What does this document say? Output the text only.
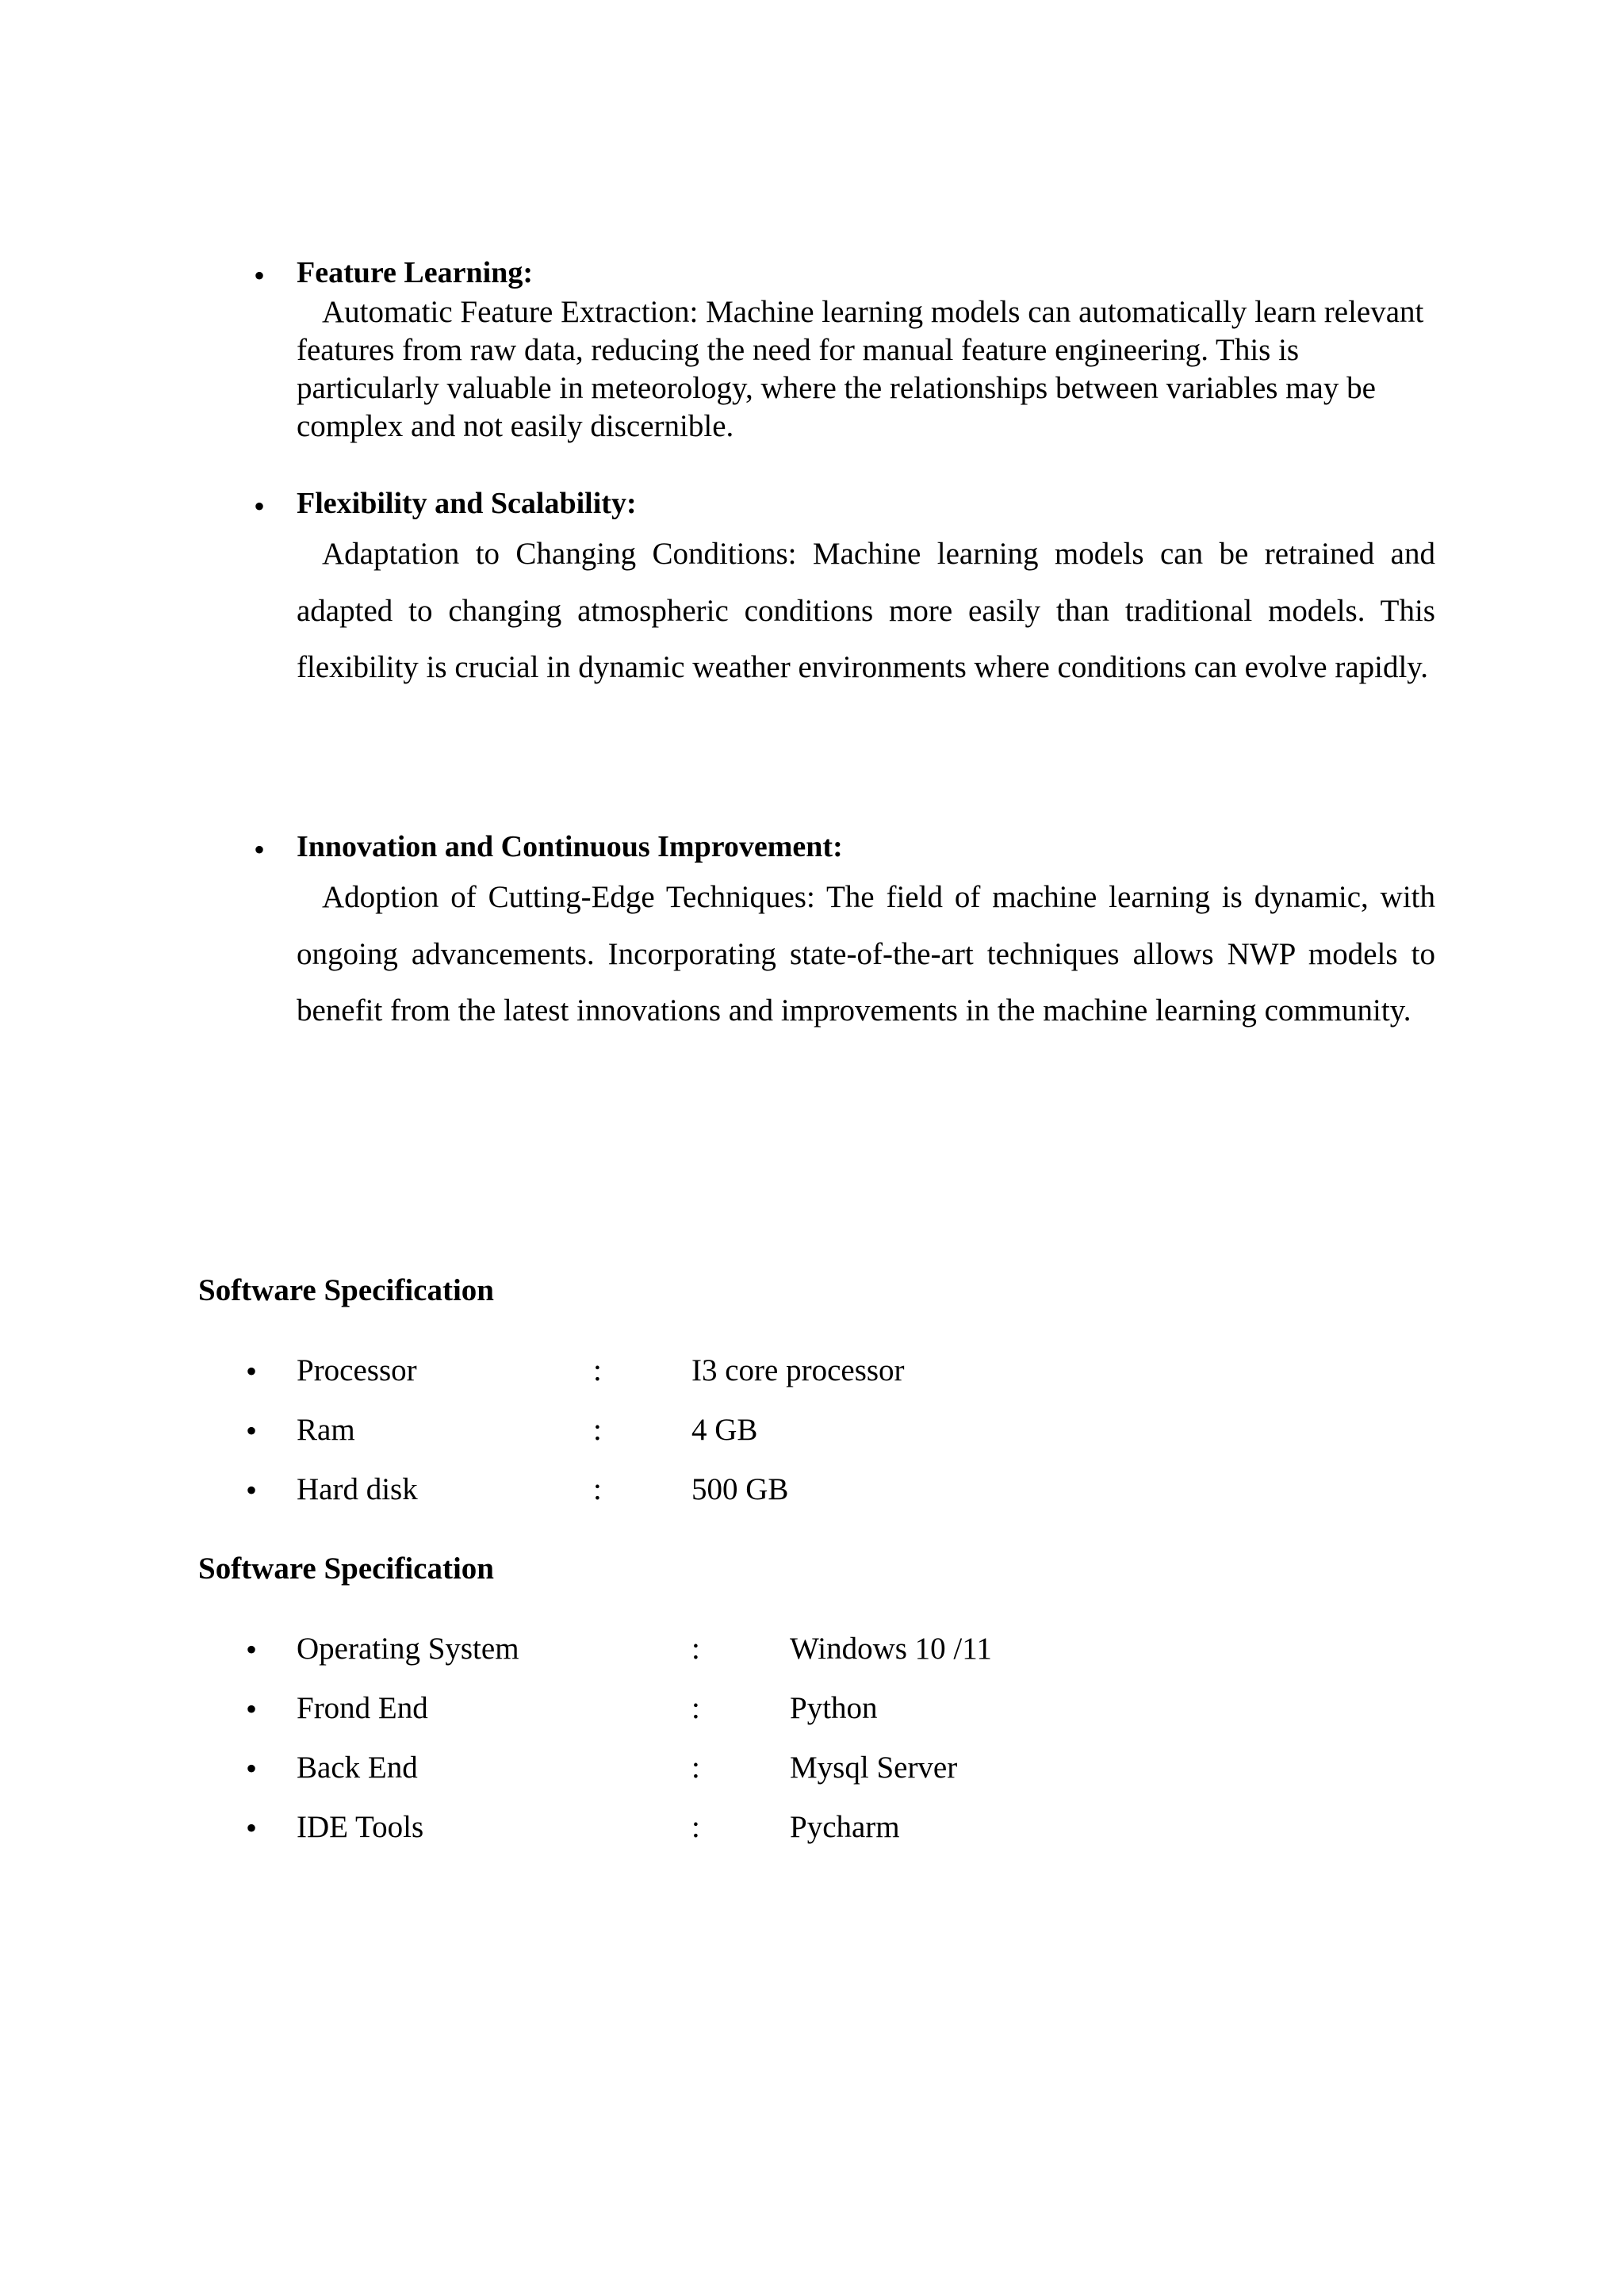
•	Feature Learning:
Automatic Feature Extraction: Machine learning models can automatically learn relevant features from raw data, reducing the need for manual feature engineering. This is particularly valuable in meteorology, where the relationships between variables may be complex and not easily discernible.
•	Flexibility and Scalability:
Adaptation to Changing Conditions: Machine learning models can be retrained and adapted to changing atmospheric conditions more easily than traditional models. This flexibility is crucial in dynamic weather environments where conditions can evolve rapidly.
•	Innovation and Continuous Improvement:
Adoption of Cutting-Edge Techniques: The field of machine learning is dynamic, with ongoing advancements. Incorporating state-of-the-art techniques allows NWP models to benefit from the latest innovations and improvements in the machine learning community.
Software Specification
• Processor	:	I3 core processor
• Ram	:	4 GB
• Hard disk	:	500 GB
Software Specification
• Operating System	:	Windows 10 /11
• Frond End	:	Python
• Back End	:	Mysql Server
• IDE Tools	:	Pycharm
